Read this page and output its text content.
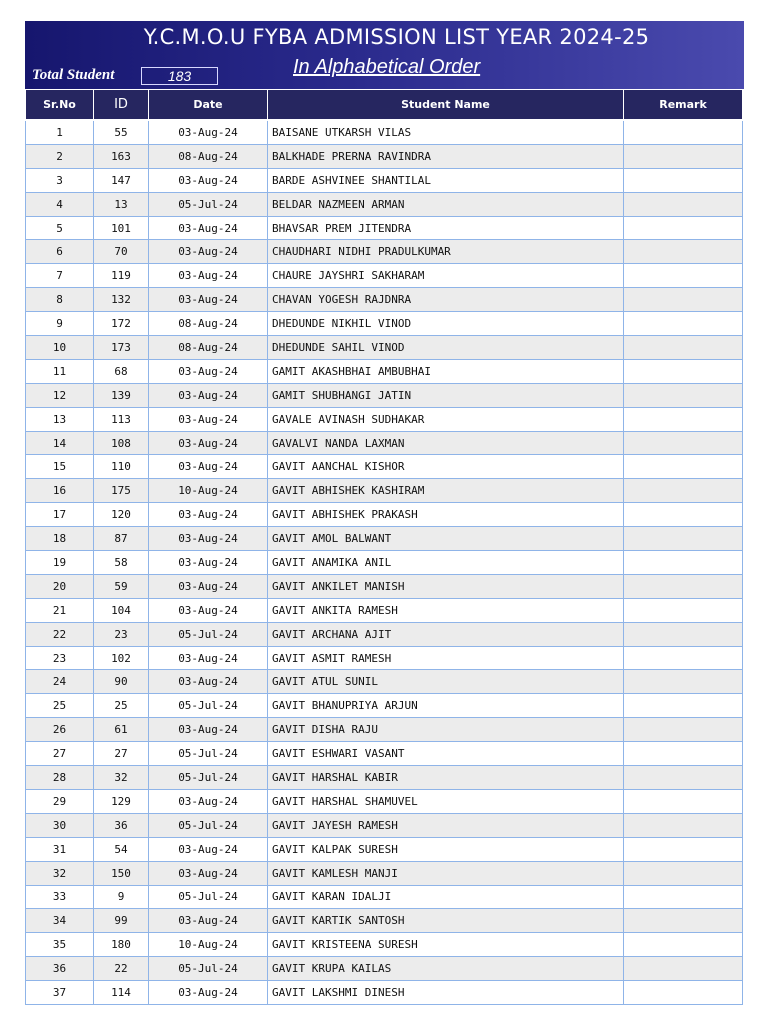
Y.C.M.O.U FYBA ADMISSION LIST YEAR 2024-25
In Alphabetical Order
Total Student	183
Sr.No	ID	Date	Student Name	Remark
1	55	03-Aug-24	BAISANE UTKARSH VILAS	
2	163	08-Aug-24	BALKHADE PRERNA RAVINDRA	
3	147	03-Aug-24	BARDE ASHVINEE SHANTILAL	
4	13	05-Jul-24	BELDAR NAZMEEN ARMAN	
5	101	03-Aug-24	BHAVSAR PREM JITENDRA	
6	70	03-Aug-24	CHAUDHARI NIDHI PRADULKUMAR	
7	119	03-Aug-24	CHAURE JAYSHRI SAKHARAM	
8	132	03-Aug-24	CHAVAN YOGESH RAJDNRA	
9	172	08-Aug-24	DHEDUNDE NIKHIL VINOD	
10	173	08-Aug-24	DHEDUNDE SAHIL VINOD	
11	68	03-Aug-24	GAMIT AKASHBHAI AMBUBHAI	
12	139	03-Aug-24	GAMIT SHUBHANGI JATIN	
13	113	03-Aug-24	GAVALE AVINASH SUDHAKAR	
14	108	03-Aug-24	GAVALVI NANDA LAXMAN	
15	110	03-Aug-24	GAVIT AANCHAL KISHOR	
16	175	10-Aug-24	GAVIT ABHISHEK KASHIRAM	
17	120	03-Aug-24	GAVIT ABHISHEK PRAKASH	
18	87	03-Aug-24	GAVIT AMOL BALWANT	
19	58	03-Aug-24	GAVIT ANAMIKA ANIL	
20	59	03-Aug-24	GAVIT ANKILET MANISH	
21	104	03-Aug-24	GAVIT ANKITA RAMESH	
22	23	05-Jul-24	GAVIT ARCHANA AJIT	
23	102	03-Aug-24	GAVIT ASMIT RAMESH	
24	90	03-Aug-24	GAVIT ATUL SUNIL	
25	25	05-Jul-24	GAVIT BHANUPRIYA ARJUN	
26	61	03-Aug-24	GAVIT DISHA RAJU	
27	27	05-Jul-24	GAVIT ESHWARI VASANT	
28	32	05-Jul-24	GAVIT HARSHAL KABIR	
29	129	03-Aug-24	GAVIT HARSHAL SHAMUVEL	
30	36	05-Jul-24	GAVIT JAYESH RAMESH	
31	54	03-Aug-24	GAVIT KALPAK SURESH	
32	150	03-Aug-24	GAVIT KAMLESH MANJI	
33	9	05-Jul-24	GAVIT KARAN IDALJI	
34	99	03-Aug-24	GAVIT KARTIK SANTOSH	
35	180	10-Aug-24	GAVIT KRISTEENA SURESH	
36	22	05-Jul-24	GAVIT KRUPA KAILAS	
37	114	03-Aug-24	GAVIT LAKSHMI DINESH	
